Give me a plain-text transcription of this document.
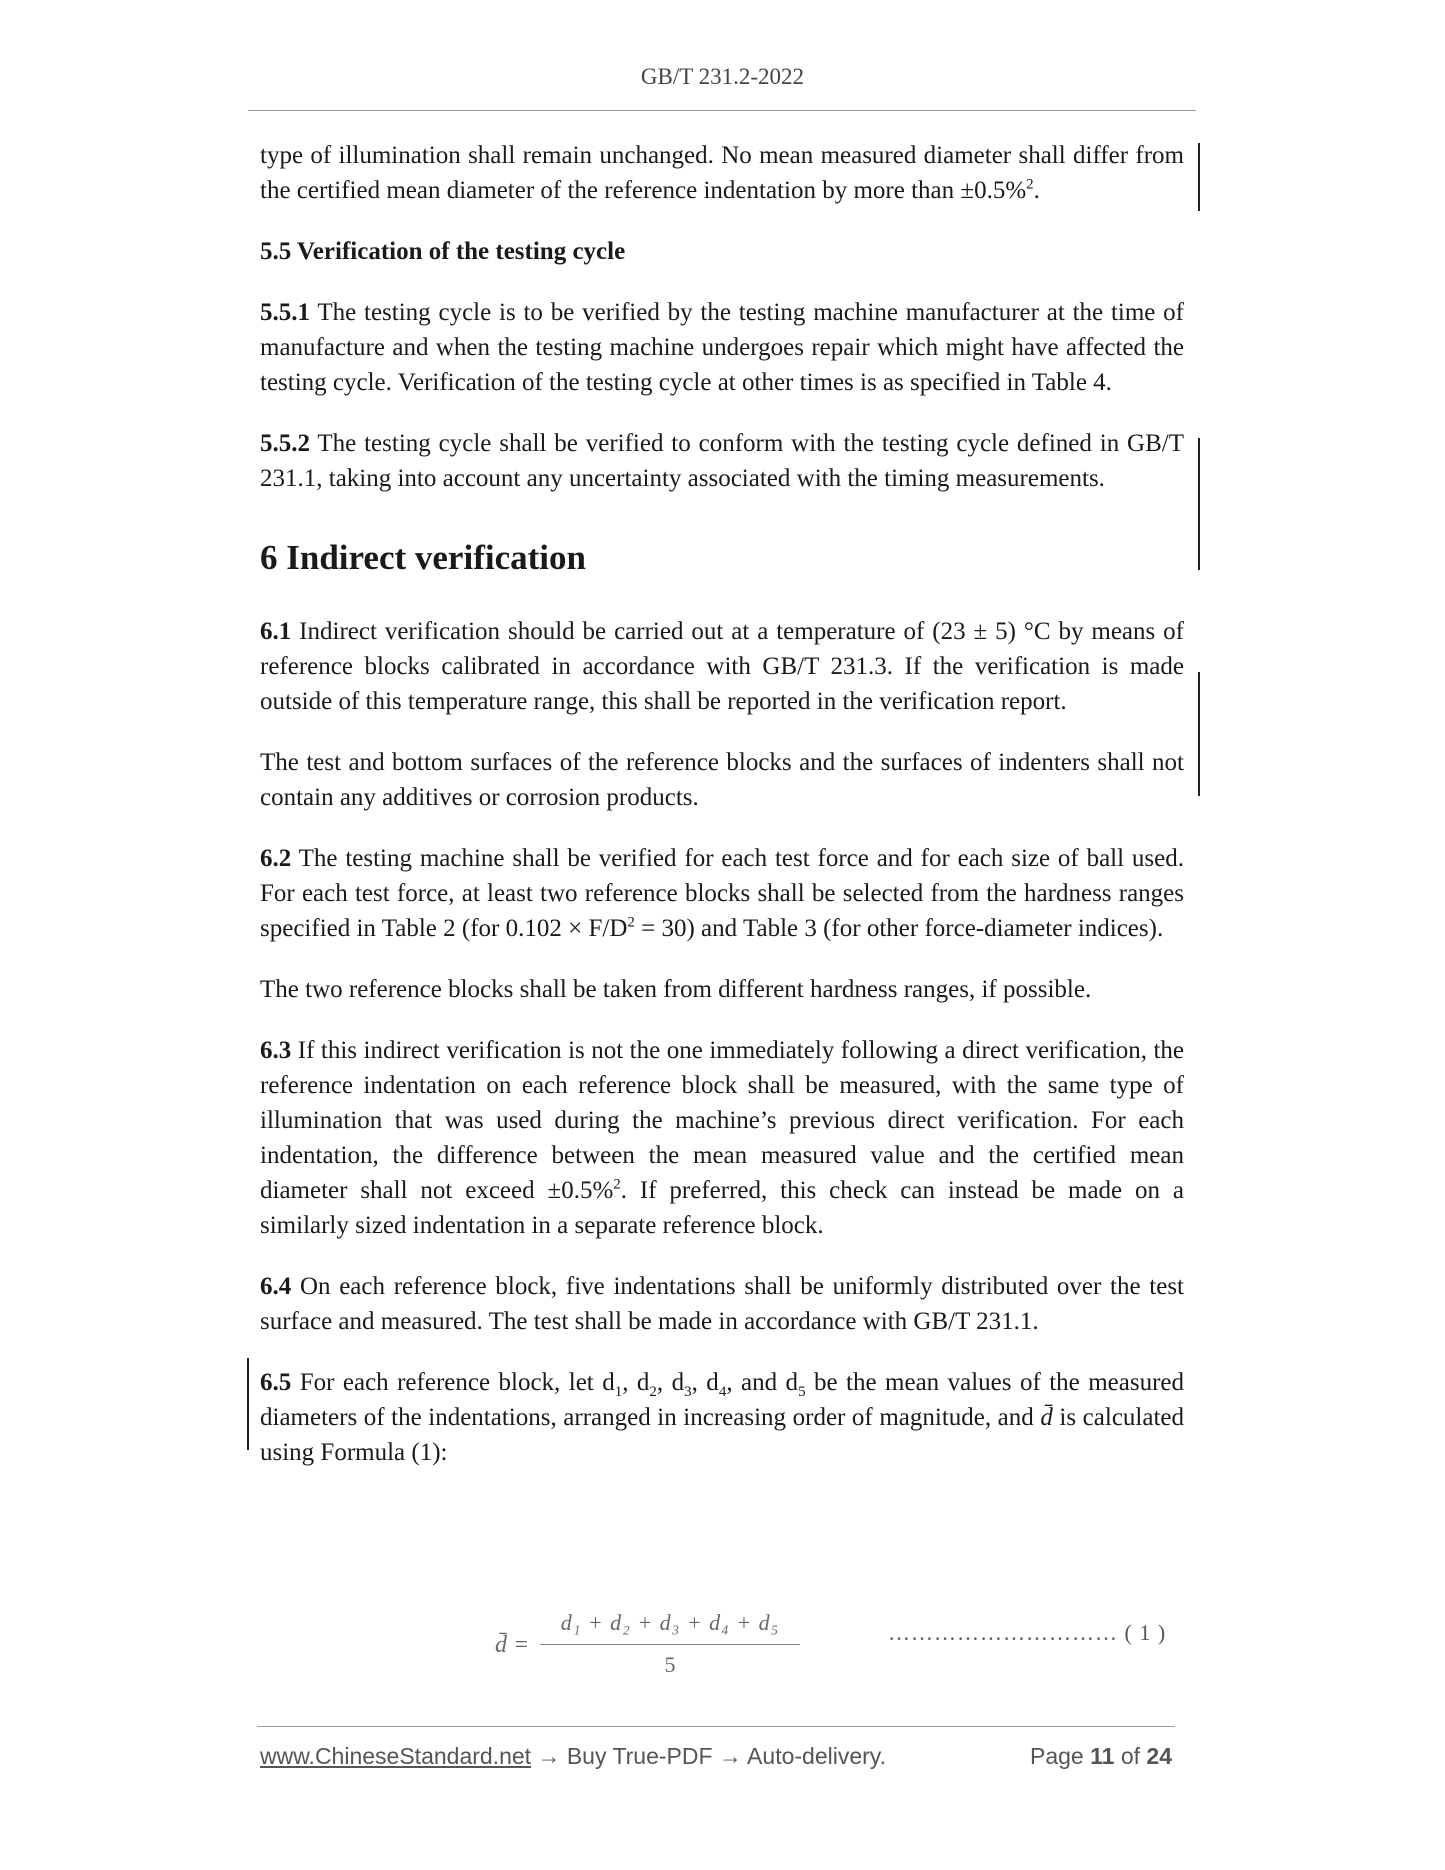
GB/T 231.2-2022

type of illumination shall remain unchanged. No mean measured diameter shall differ from the certified mean diameter of the reference indentation by more than ±0.5%$^2$.

5.5 Verification of the testing cycle

5.5.1 The testing cycle is to be verified by the testing machine manufacturer at the time of manufacture and when the testing machine undergoes repair which might have affected the testing cycle. Verification of the testing cycle at other times is as specified in Table 4.

5.5.2 The testing cycle shall be verified to conform with the testing cycle defined in GB/T 231.1, taking into account any uncertainty associated with the timing measurements.

6 Indirect verification

6.1 Indirect verification should be carried out at a temperature of (23 ± 5) °C by means of reference blocks calibrated in accordance with GB/T 231.3. If the verification is made outside of this temperature range, this shall be reported in the verification report.

The test and bottom surfaces of the reference blocks and the surfaces of indenters shall not contain any additives or corrosion products.

6.2 The testing machine shall be verified for each test force and for each size of ball used. For each test force, at least two reference blocks shall be selected from the hardness ranges specified in Table 2 (for $0.102 \times F/D^2 = 30$) and Table 3 (for other force-diameter indices).

The two reference blocks shall be taken from different hardness ranges, if possible.

6.3 If this indirect verification is not the one immediately following a direct verification, the reference indentation on each reference block shall be measured, with the same type of illumination that was used during the machine’s previous direct verification. For each indentation, the difference between the mean measured value and the certified mean diameter shall not exceed ±0.5%$^2$. If preferred, this check can instead be made on a similarly sized indentation in a separate reference block.

6.4 On each reference block, five indentations shall be uniformly distributed over the test surface and measured. The test shall be made in accordance with GB/T 231.1.

6.5 For each reference block, let $d_1$, $d_2$, $d_3$, $d_4$, and $d_5$ be the mean values of the measured diameters of the indentations, arranged in increasing order of magnitude, and d̄ is calculated using Formula (1):

d̄ =
d₁ + d₂ + d₃ + d₄ + d₅
5
………………………… ( 1 )
www.ChineseStandard.net → Buy True-PDF → Auto-delivery.	Page 11 of 24
